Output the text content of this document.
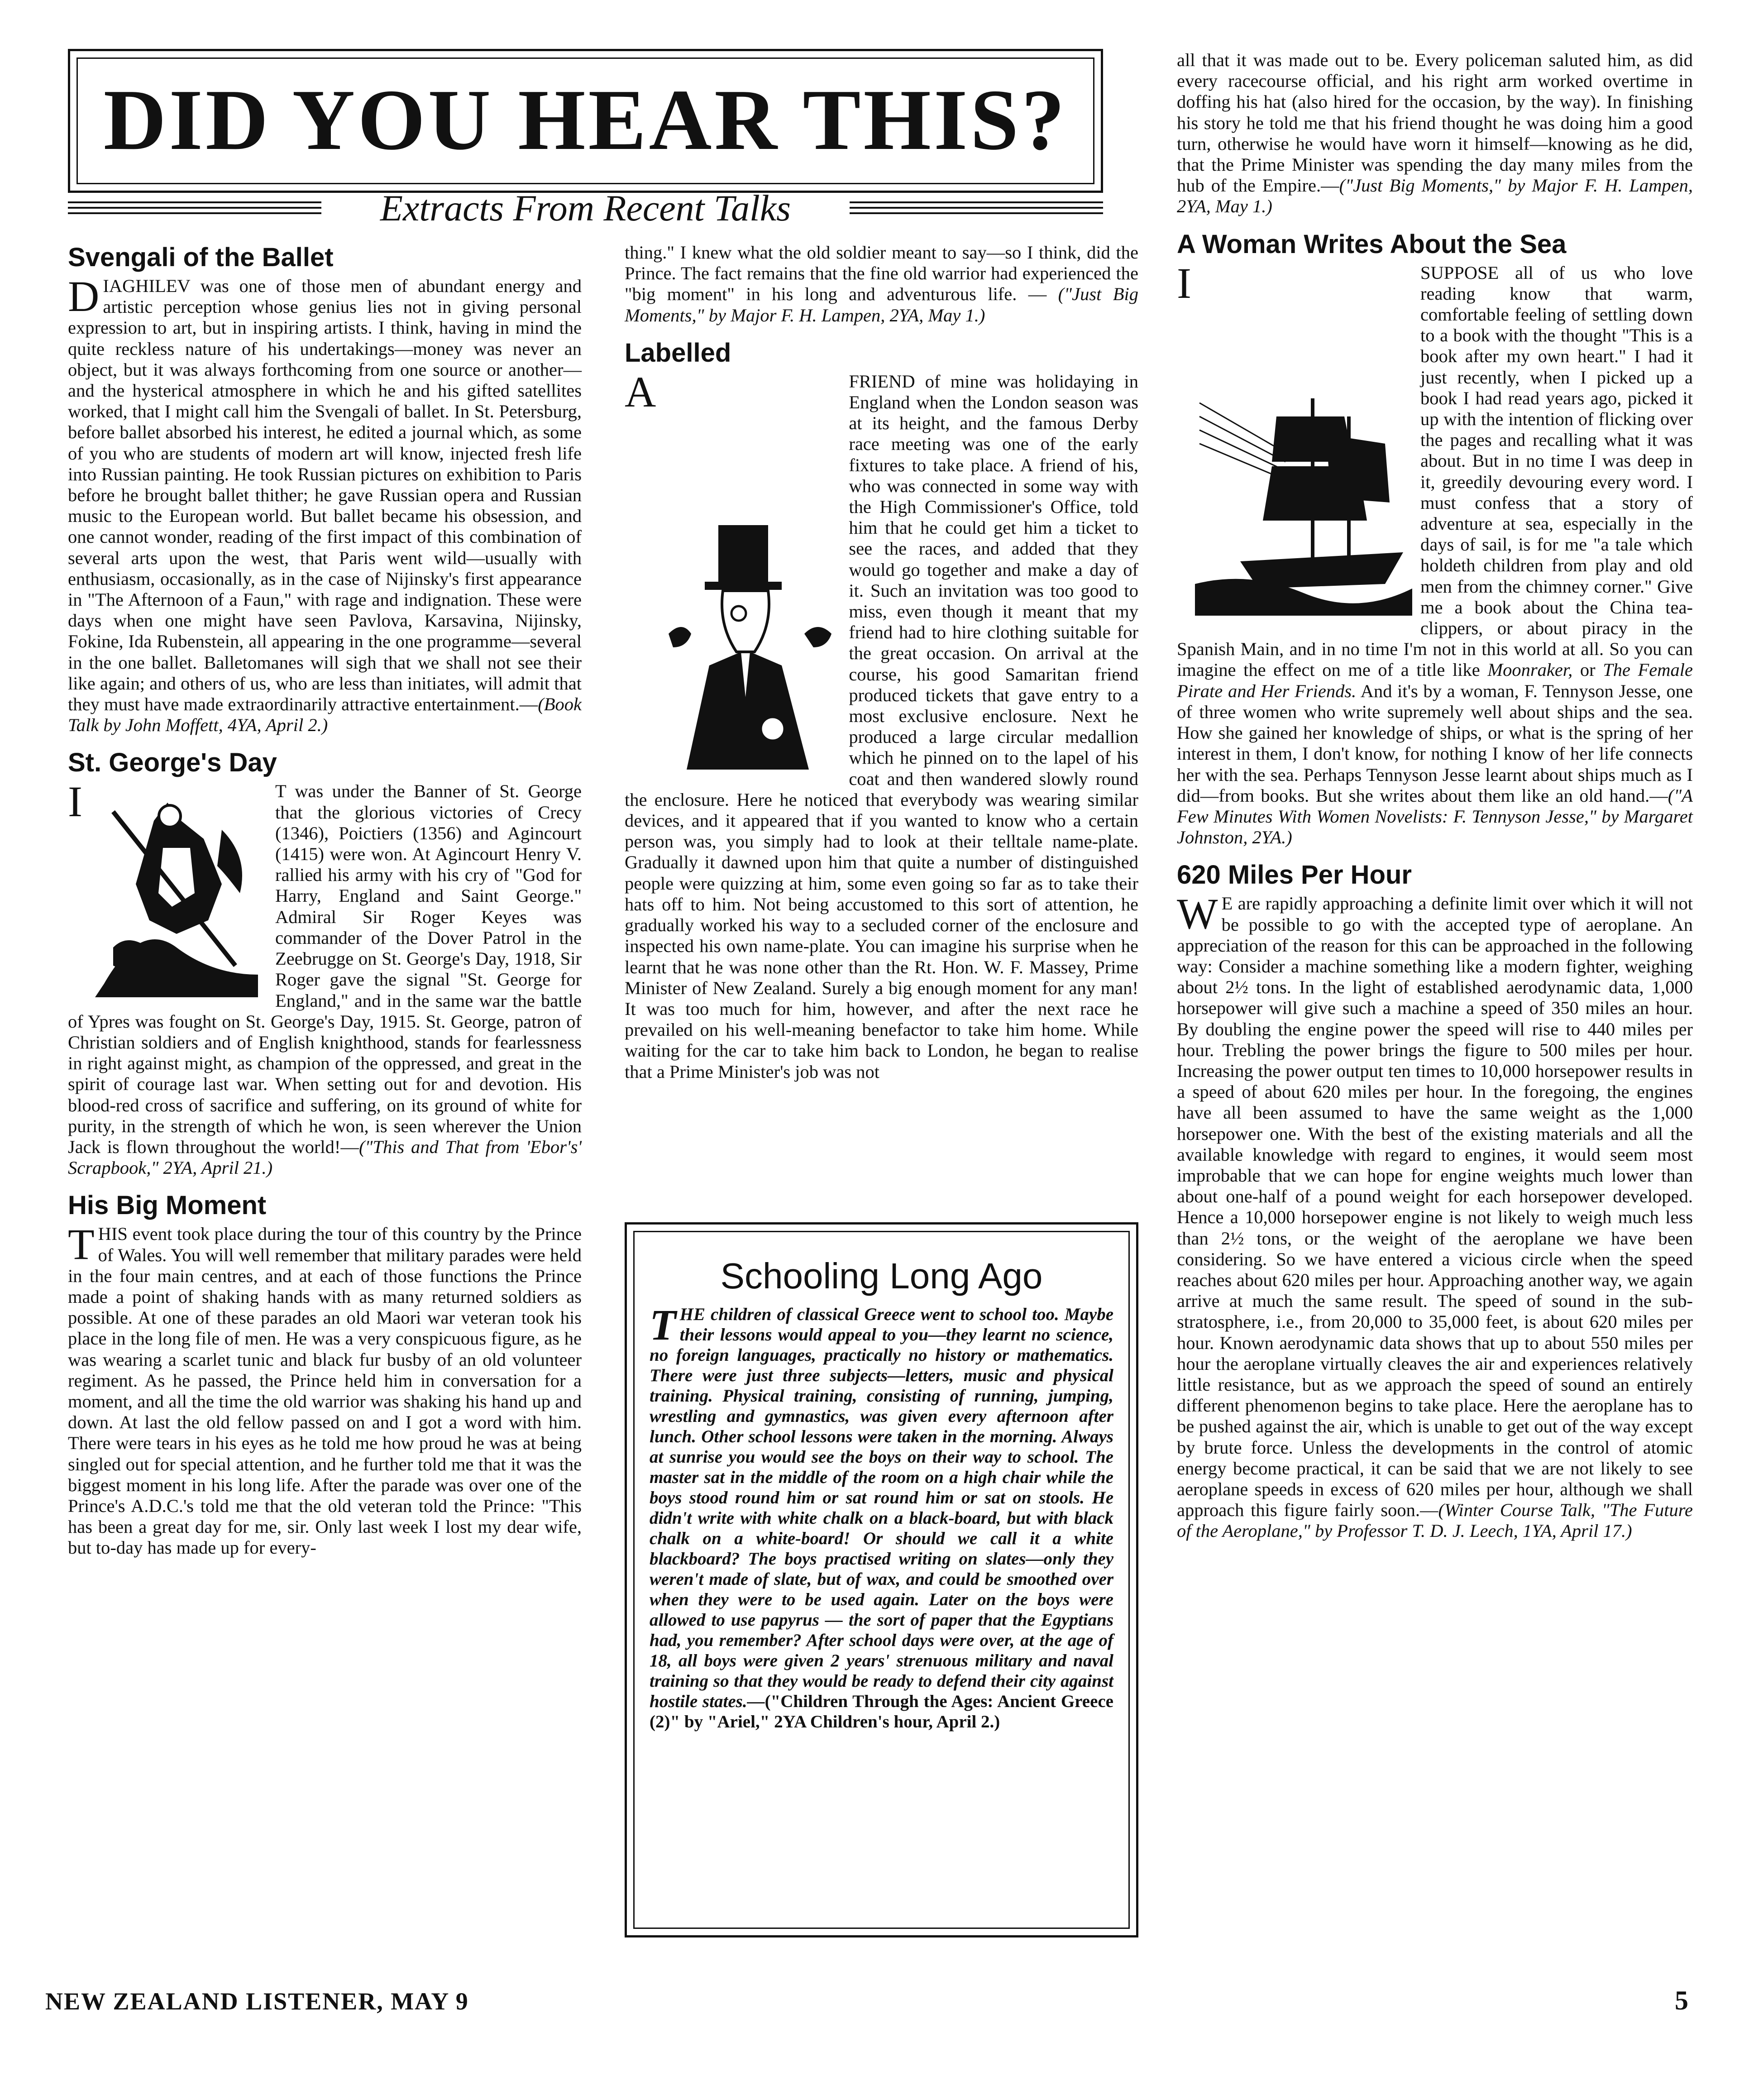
DID YOU HEAR THIS?
Extracts From Recent Talks
Svengali of the Ballet

DIAGHILEV was one of those men of abundant energy and artistic perception whose genius lies not in giving personal expression to art, but in inspiring artists. I think, having in mind the quite reckless nature of his undertakings—money was never an object, but it was always forthcoming from one source or another—and the hysterical atmosphere in which he and his gifted satellites worked, that I might call him the Svengali of ballet. In St. Petersburg, before ballet absorbed his interest, he edited a journal which, as some of you who are students of modern art will know, injected fresh life into Russian painting. He took Russian pictures on exhibition to Paris before he brought ballet thither; he gave Russian opera and Russian music to the European world. But ballet became his obsession, and one cannot wonder, reading of the first impact of this combination of several arts upon the west, that Paris went wild—usually with enthusiasm, occasionally, as in the case of Nijinsky's first appearance in "The Afternoon of a Faun," with rage and indignation. These were days when one might have seen Pavlova, Karsavina, Nijinsky, Fokine, Ida Rubenstein, all appearing in the one programme—several in the one ballet. Balletomanes will sigh that we shall not see their like again; and others of us, who are less than initiates, will admit that they must have made extraordinarily attractive entertainment.—(Book Talk by John Moffett, 4YA, April 2.)

St. George's Day

I	T was under the Banner of St. George that the glorious victories of Crecy (1346), Poictiers (1356) and Agincourt (1415) were won. At Agincourt Henry V. rallied his army with his cry of "God for Harry, England and Saint George." Admiral Sir Roger Keyes was commander of the Dover Patrol in the Zeebrugge on St. George's Day, 1918, Sir Roger gave the signal "St. George for England," and in the same war the battle of Ypres was fought on St. George's Day, 1915. St. George, patron of Christian soldiers and of English knighthood, stands for fearlessness in right against might, as champion of the oppressed, and great in the spirit of courage last war. When setting out for and devotion. His blood-red cross of sacrifice and suffering, on its ground of white for purity, in the strength of which he won, is seen wherever the Union Jack is flown throughout the world!—("This and That from 'Ebor's' Scrapbook," 2YA, April 21.)

His Big Moment

THIS event took place during the tour of this country by the Prince of Wales. You will well remember that military parades were held in the four main centres, and at each of those functions the Prince made a point of shaking hands with as many returned soldiers as possible. At one of these parades an old Maori war veteran took his place in the long file of men. He was a very conspicuous figure, as he was wearing a scarlet tunic and black fur busby of an old volunteer regiment. As he passed, the Prince held him in conversation for a moment, and all the time the old warrior was shaking his hand up and down. At last the old fellow passed on and I got a word with him. There were tears in his eyes as he told me how proud he was at being singled out for special attention, and he further told me that it was the biggest moment in his long life. After the parade was over one of the Prince's A.D.C.'s told me that the old veteran told the Prince: "This has been a great day for me, sir. Only last week I lost my dear wife, but to-day has made up for every-

thing." I knew what the old soldier meant to say—so I think, did the Prince. The fact remains that the fine old warrior had experienced the "big moment" in his long and adventurous life. — ("Just Big Moments," by Major F. H. Lampen, 2YA, May 1.)

Labelled

A	FRIEND of mine was holidaying in England when the London season was at its height, and the famous Derby race meeting was one of the early fixtures to take place. A friend of his, who was connected in some way with the High Commissioner's Office, told him that he could get him a ticket to see the races, and added that they would go together and make a day of it. Such an invitation was too good to miss, even though it meant that my friend had to hire clothing suitable for the great occasion. On arrival at the course, his good Samaritan friend produced tickets that gave entry to a most exclusive enclosure. Next he produced a large circular medallion which he pinned on to the lapel of his coat and then wandered slowly round the enclosure. Here he noticed that everybody was wearing similar devices, and it appeared that if you wanted to know who a certain person was, you simply had to look at their telltale name-plate. Gradually it dawned upon him that quite a number of distinguished people were quizzing at him, some even going so far as to take their hats off to him. Not being accustomed to this sort of attention, he gradually worked his way to a secluded corner of the enclosure and inspected his own name-plate. You can imagine his surprise when he learnt that he was none other than the Rt. Hon. W. F. Massey, Prime Minister of New Zealand. Surely a big enough moment for any man! It was too much for him, however, and after the next race he prevailed on his well-meaning benefactor to take him home. While waiting for the car to take him back to London, he began to realise that a Prime Minister's job was not

Schooling Long Ago
THE children of classical Greece went to school too. Maybe their lessons would appeal to you—they learnt no science, no foreign languages, practically no history or mathematics. There were just three subjects—letters, music and physical training. Physical training, consisting of running, jumping, wrestling and gymnastics, was given every afternoon after lunch. Other school lessons were taken in the morning. Always at sunrise you would see the boys on their way to school. The master sat in the middle of the room on a high chair while the boys stood round him or sat round him or sat on stools. He didn't write with white chalk on a black-board, but with black chalk on a white-board! Or should we call it a white blackboard? The boys practised writing on slates—only they weren't made of slate, but of wax, and could be smoothed over when they were to be used again. Later on the boys were allowed to use papyrus — the sort of paper that the Egyptians had, you remember? After school days were over, at the age of 18, all boys were given 2 years' strenuous military and naval training so that they would be ready to defend their city against hostile states.—("Children Through the Ages: Ancient Greece (2)" by "Ariel," 2YA Children's hour, April 2.)

all that it was made out to be. Every policeman saluted him, as did every racecourse official, and his right arm worked overtime in doffing his hat (also hired for the occasion, by the way). In finishing his story he told me that his friend thought he was doing him a good turn, otherwise he would have worn it himself—knowing as he did, that the Prime Minister was spending the day many miles from the hub of the Empire.—("Just Big Moments," by Major F. H. Lampen, 2YA, May 1.)

A Woman Writes About the Sea

I	SUPPOSE all of us who love reading know that warm, comfortable feeling of settling down to a book with the thought "This is a book after my own heart." I had it just recently, when I picked up a book I had read years ago, picked it up with the intention of flicking over the pages and recalling what it was about. But in no time I was deep in it, greedily devouring every word. I must confess that a story of adventure at sea, especially in the days of sail, is for me "a tale which holdeth children from play and old men from the chimney corner." Give me a book about the China tea-clippers, or about piracy in the Spanish Main, and in no time I'm not in this world at all. So you can imagine the effect on me of a title like Moonraker, or The Female Pirate and Her Friends. And it's by a woman, F. Tennyson Jesse, one of three women who write supremely well about ships and the sea. How she gained her knowledge of ships, or what is the spring of her interest in them, I don't know, for nothing I know of her life connects her with the sea. Perhaps Tennyson Jesse learnt about ships much as I did—from books. But she writes about them like an old hand.—("A Few Minutes With Women Novelists: F. Tennyson Jesse," by Margaret Johnston, 2YA.)

620 Miles Per Hour

W E are rapidly approaching a definite limit over which it will not be possible to go with the accepted type of aeroplane. An appreciation of the reason for this can be approached in the following way: Consider a machine something like a modern fighter, weighing about 2½ tons. In the light of established aerodynamic data, 1,000 horsepower will give such a machine a speed of 350 miles an hour. By doubling the engine power the speed will rise to 440 miles per hour. Trebling the power brings the figure to 500 miles per hour. Increasing the power output ten times to 10,000 horsepower results in a speed of about 620 miles per hour. In the foregoing, the engines have all been assumed to have the same weight as the 1,000 horsepower one. With the best of the existing materials and all the available knowledge with regard to engines, it would seem most improbable that we can hope for engine weights much lower than about one-half of a pound weight for each horsepower developed. Hence a 10,000 horsepower engine is not likely to weigh much less than 2½ tons, or the weight of the aeroplane we have been considering. So we have entered a vicious circle when the speed reaches about 620 miles per hour. Approaching another way, we again arrive at much the same result. The speed of sound in the sub-stratosphere, i.e., from 20,000 to 35,000 feet, is about 620 miles per hour. Known aerodynamic data shows that up to about 550 miles per hour the aeroplane virtually cleaves the air and experiences relatively little resistance, but as we approach the speed of sound an entirely different phenomenon begins to take place. Here the aeroplane has to be pushed against the air, which is unable to get out of the way except by brute force. Unless the developments in the control of atomic energy become practical, it can be said that we are not likely to see aeroplane speeds in excess of 620 miles per hour, although we shall approach this figure fairly soon.—(Winter Course Talk, "The Future of the Aeroplane," by Professor T. D. J. Leech, 1YA, April 17.)

NEW ZEALAND LISTENER, MAY 9	5
